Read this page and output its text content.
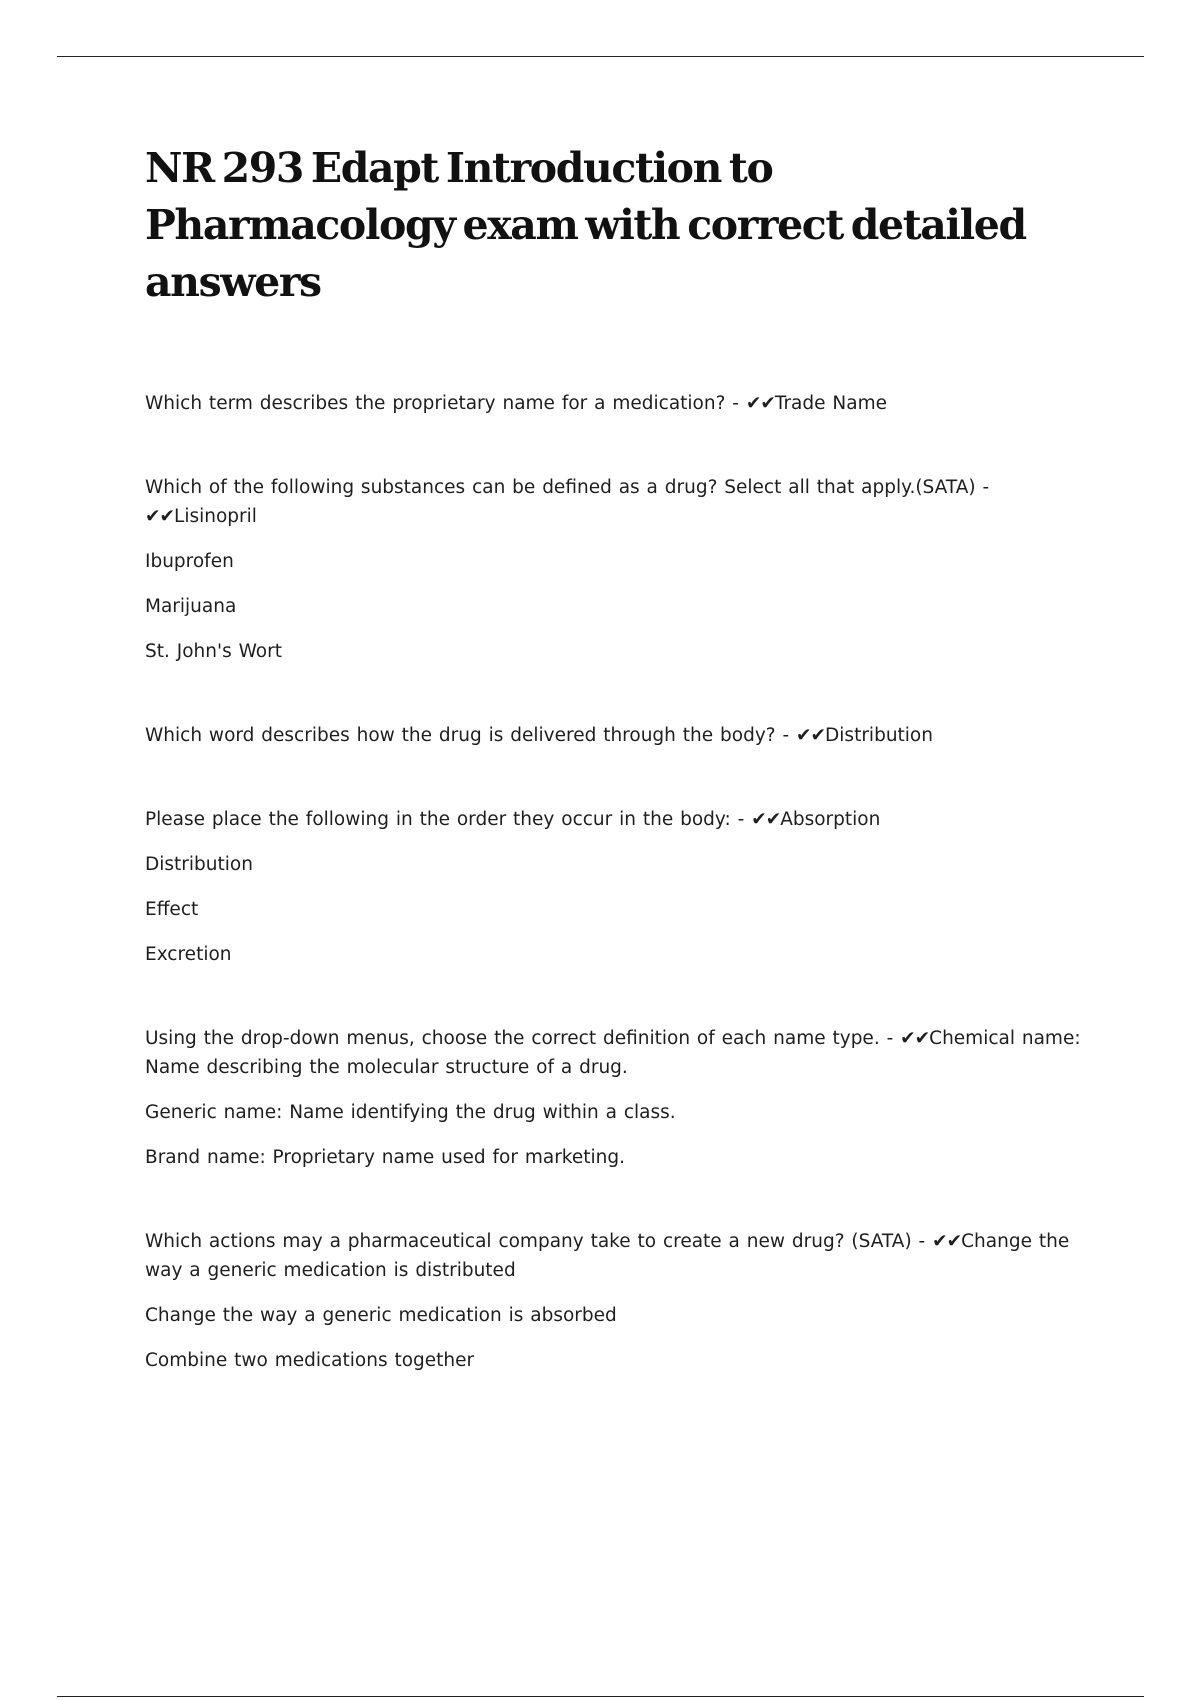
NR 293 Edapt Introduction to Pharmacology exam with correct detailed answers

Which term describes the proprietary name for a medication? - ✔✔Trade Name

Which of the following substances can be defined as a drug? Select all that apply.(SATA) - ✔✔Lisinopril

Ibuprofen

Marijuana

St. John's Wort

Which word describes how the drug is delivered through the body? - ✔✔Distribution

Please place the following in the order they occur in the body: - ✔✔Absorption

Distribution

Effect

Excretion

Using the drop-down menus, choose the correct definition of each name type. - ✔✔Chemical name: Name describing the molecular structure of a drug.

Generic name: Name identifying the drug within a class.

Brand name: Proprietary name used for marketing.

Which actions may a pharmaceutical company take to create a new drug? (SATA) - ✔✔Change the way a generic medication is distributed

Change the way a generic medication is absorbed

Combine two medications together
